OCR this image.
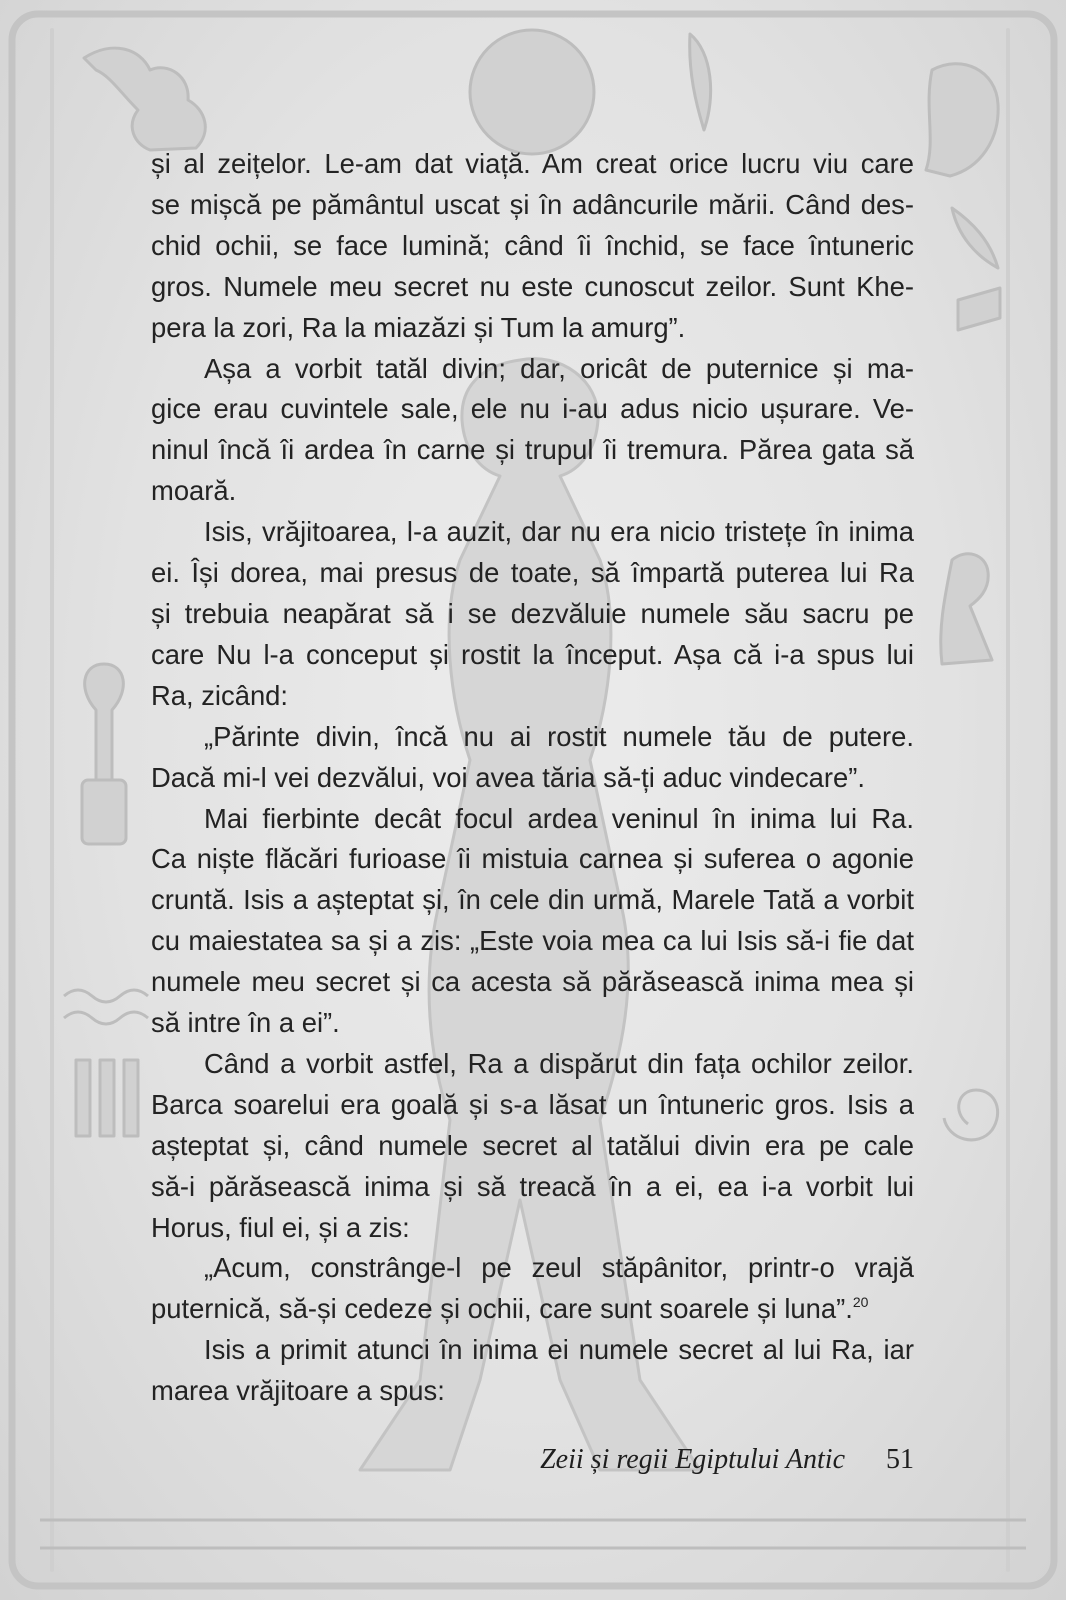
și al zeițelor. Le-am dat viață. Am creat orice lucru viu care
se mișcă pe pământul uscat și în adâncurile mării. Când des-
chid ochii, se face lumină; când îi închid, se face întuneric
gros. Numele meu secret nu este cunoscut zeilor. Sunt Khe-
pera la zori, Ra la miazăzi și Tum la amurg”.
Așa a vorbit tatăl divin; dar, oricât de puternice și ma-
gice erau cuvintele sale, ele nu i-au adus nicio ușurare. Ve-
ninul încă îi ardea în carne și trupul îi tremura. Părea gata să
moară.
Isis, vrăjitoarea, l-a auzit, dar nu era nicio tristețe în inima
ei. Își dorea, mai presus de toate, să împartă puterea lui Ra
și trebuia neapărat să i se dezvăluie numele său sacru pe
care Nu l-a conceput și rostit la început. Așa că i-a spus lui
Ra, zicând:
„Părinte divin, încă nu ai rostit numele tău de putere.
Dacă mi-l vei dezvălui, voi avea tăria să-ți aduc vindecare”.
Mai fierbinte decât focul ardea veninul în inima lui Ra.
Ca niște flăcări furioase îi mistuia carnea și suferea o agonie
cruntă. Isis a așteptat și, în cele din urmă, Marele Tată a vorbit
cu maiestatea sa și a zis: „Este voia mea ca lui Isis să-i fie dat
numele meu secret și ca acesta să părăsească inima mea și
să intre în a ei”.
Când a vorbit astfel, Ra a dispărut din fața ochilor zeilor.
Barca soarelui era goală și s-a lăsat un întuneric gros. Isis a
așteptat și, când numele secret al tatălui divin era pe cale
să-i părăsească inima și să treacă în a ei, ea i-a vorbit lui
Horus, fiul ei, și a zis:
„Acum, constrânge-l pe zeul stăpânitor, printr-o vrajă
puternică, să-și cedeze și ochii, care sunt soarele și luna”.$^{20}$
Isis a primit atunci în inima ei numele secret al lui Ra, iar
marea vrăjitoare a spus:
Zeii și regii Egiptului Antic 51
